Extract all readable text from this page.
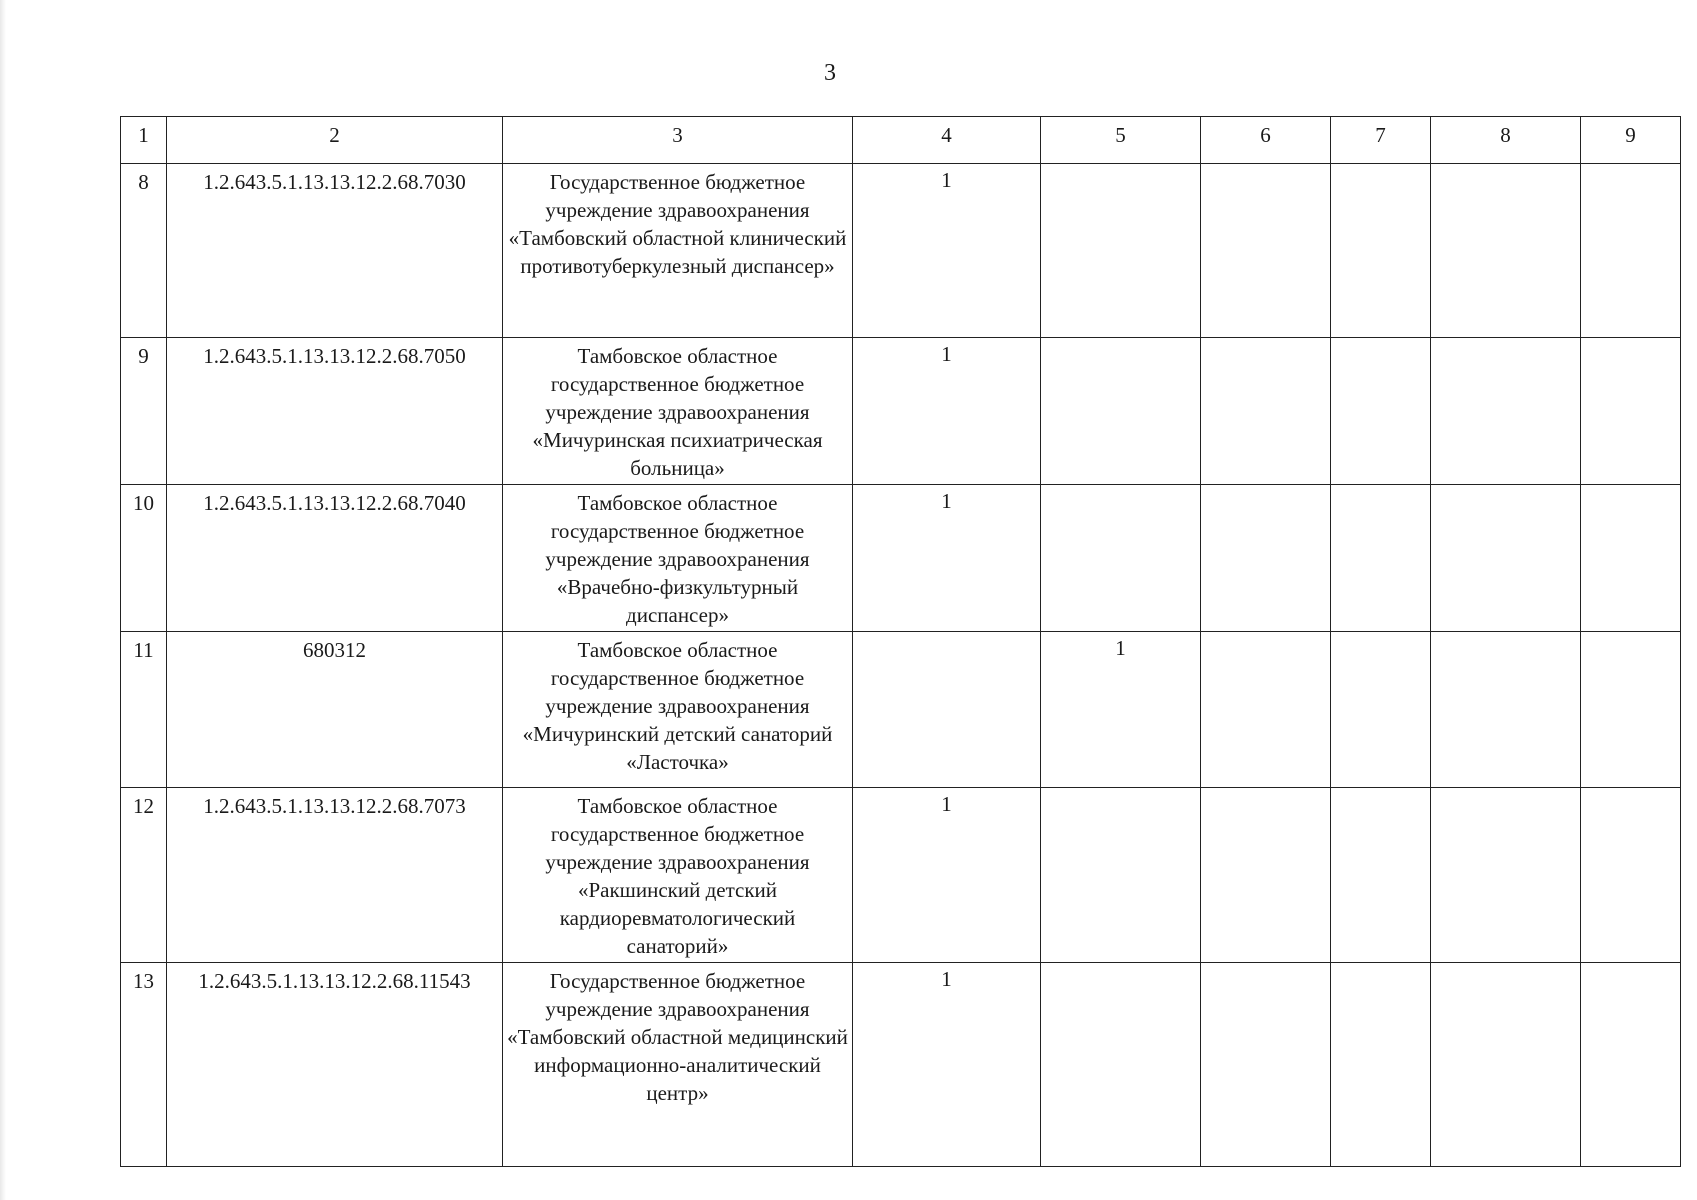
3
1	2	3	4	5	6	7	8	9
8	1.2.643.5.1.13.13.12.2.68.7030	Государственное бюджетное учреждение здравоохранения «Тамбовский областной клинический противотуберкулезный диспансер»	1					
9	1.2.643.5.1.13.13.12.2.68.7050	Тамбовское областное государственное бюджетное учреждение здравоохранения «Мичуринская психиатрическая больница»	1					
10	1.2.643.5.1.13.13.12.2.68.7040	Тамбовское областное государственное бюджетное учреждение здравоохранения «Врачебно-физкультурный диспансер»	1					
11	680312	Тамбовское областное государственное бюджетное учреждение здравоохранения «Мичуринский детский санаторий «Ласточка»		1				
12	1.2.643.5.1.13.13.12.2.68.7073	Тамбовское областное государственное бюджетное учреждение здравоохранения «Ракшинский детский кардиоревматологический санаторий»	1					
13	1.2.643.5.1.13.13.12.2.68.11543	Государственное бюджетное учреждение здравоохранения «Тамбовский областной медицинский информационно-аналитический центр»	1					
